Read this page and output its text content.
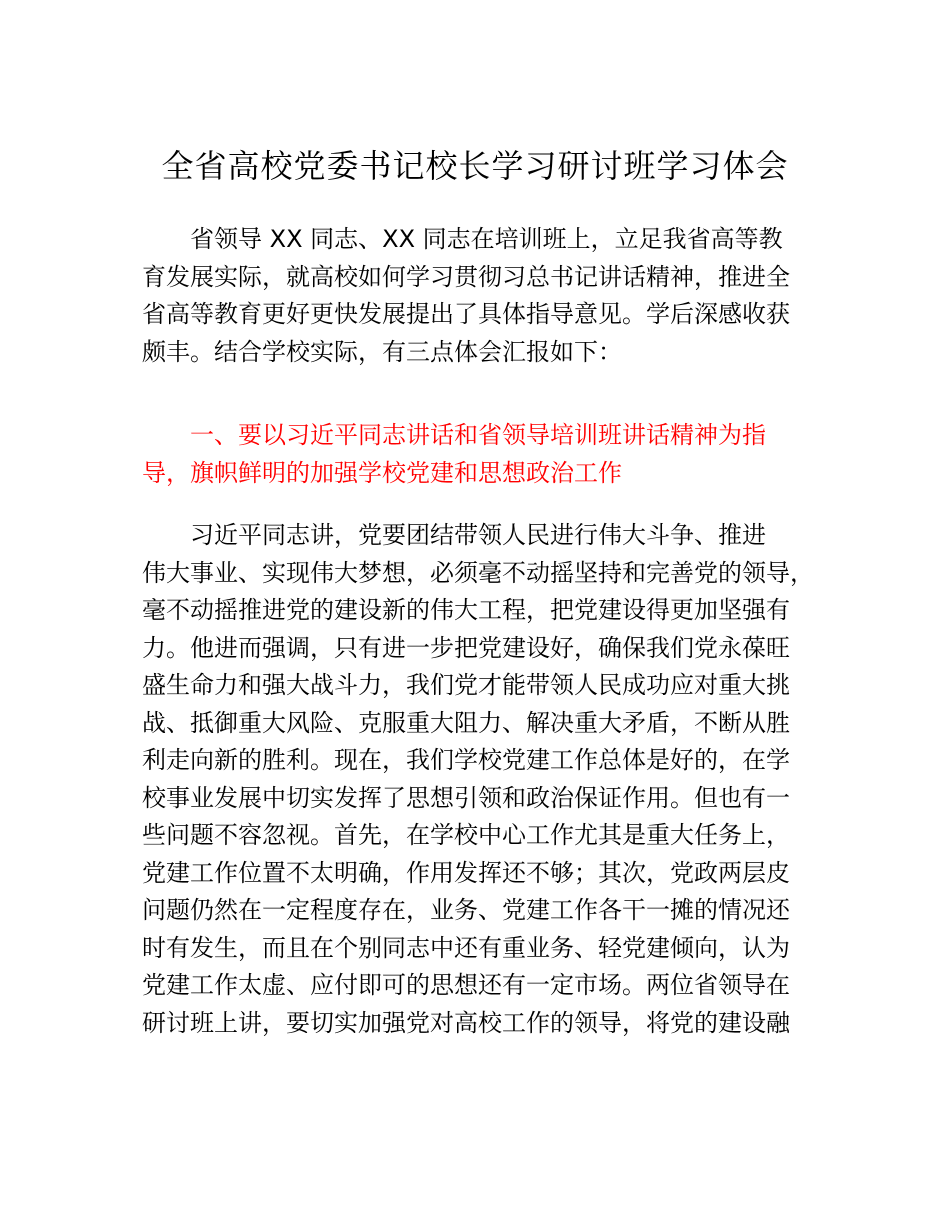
全省高校党委书记校长学习研讨班学习体会
省领导 XX 同志、XX 同志在培训班上，立足我省高等教
育发展实际，就高校如何学习贯彻习总书记讲话精神，推进全
省高等教育更好更快发展提出了具体指导意见。学后深感收获
颇丰。结合学校实际，有三点体会汇报如下：
一、要以习近平同志讲话和省领导培训班讲话精神为指
导，旗帜鲜明的加强学校党建和思想政治工作
习近平同志讲，党要团结带领人民进行伟大斗争、推进
伟大事业、实现伟大梦想，必须毫不动摇坚持和完善党的领导，
毫不动摇推进党的建设新的伟大工程，把党建设得更加坚强有
力。他进而强调，只有进一步把党建设好，确保我们党永葆旺
盛生命力和强大战斗力，我们党才能带领人民成功应对重大挑
战、抵御重大风险、克服重大阻力、解决重大矛盾，不断从胜
利走向新的胜利。现在，我们学校党建工作总体是好的，在学
校事业发展中切实发挥了思想引领和政治保证作用。但也有一
些问题不容忽视。首先，在学校中心工作尤其是重大任务上，
党建工作位置不太明确，作用发挥还不够；其次，党政两层皮
问题仍然在一定程度存在，业务、党建工作各干一摊的情况还
时有发生，而且在个别同志中还有重业务、轻党建倾向，认为
党建工作太虚、应付即可的思想还有一定市场。两位省领导在
研讨班上讲，要切实加强党对高校工作的领导，将党的建设融
